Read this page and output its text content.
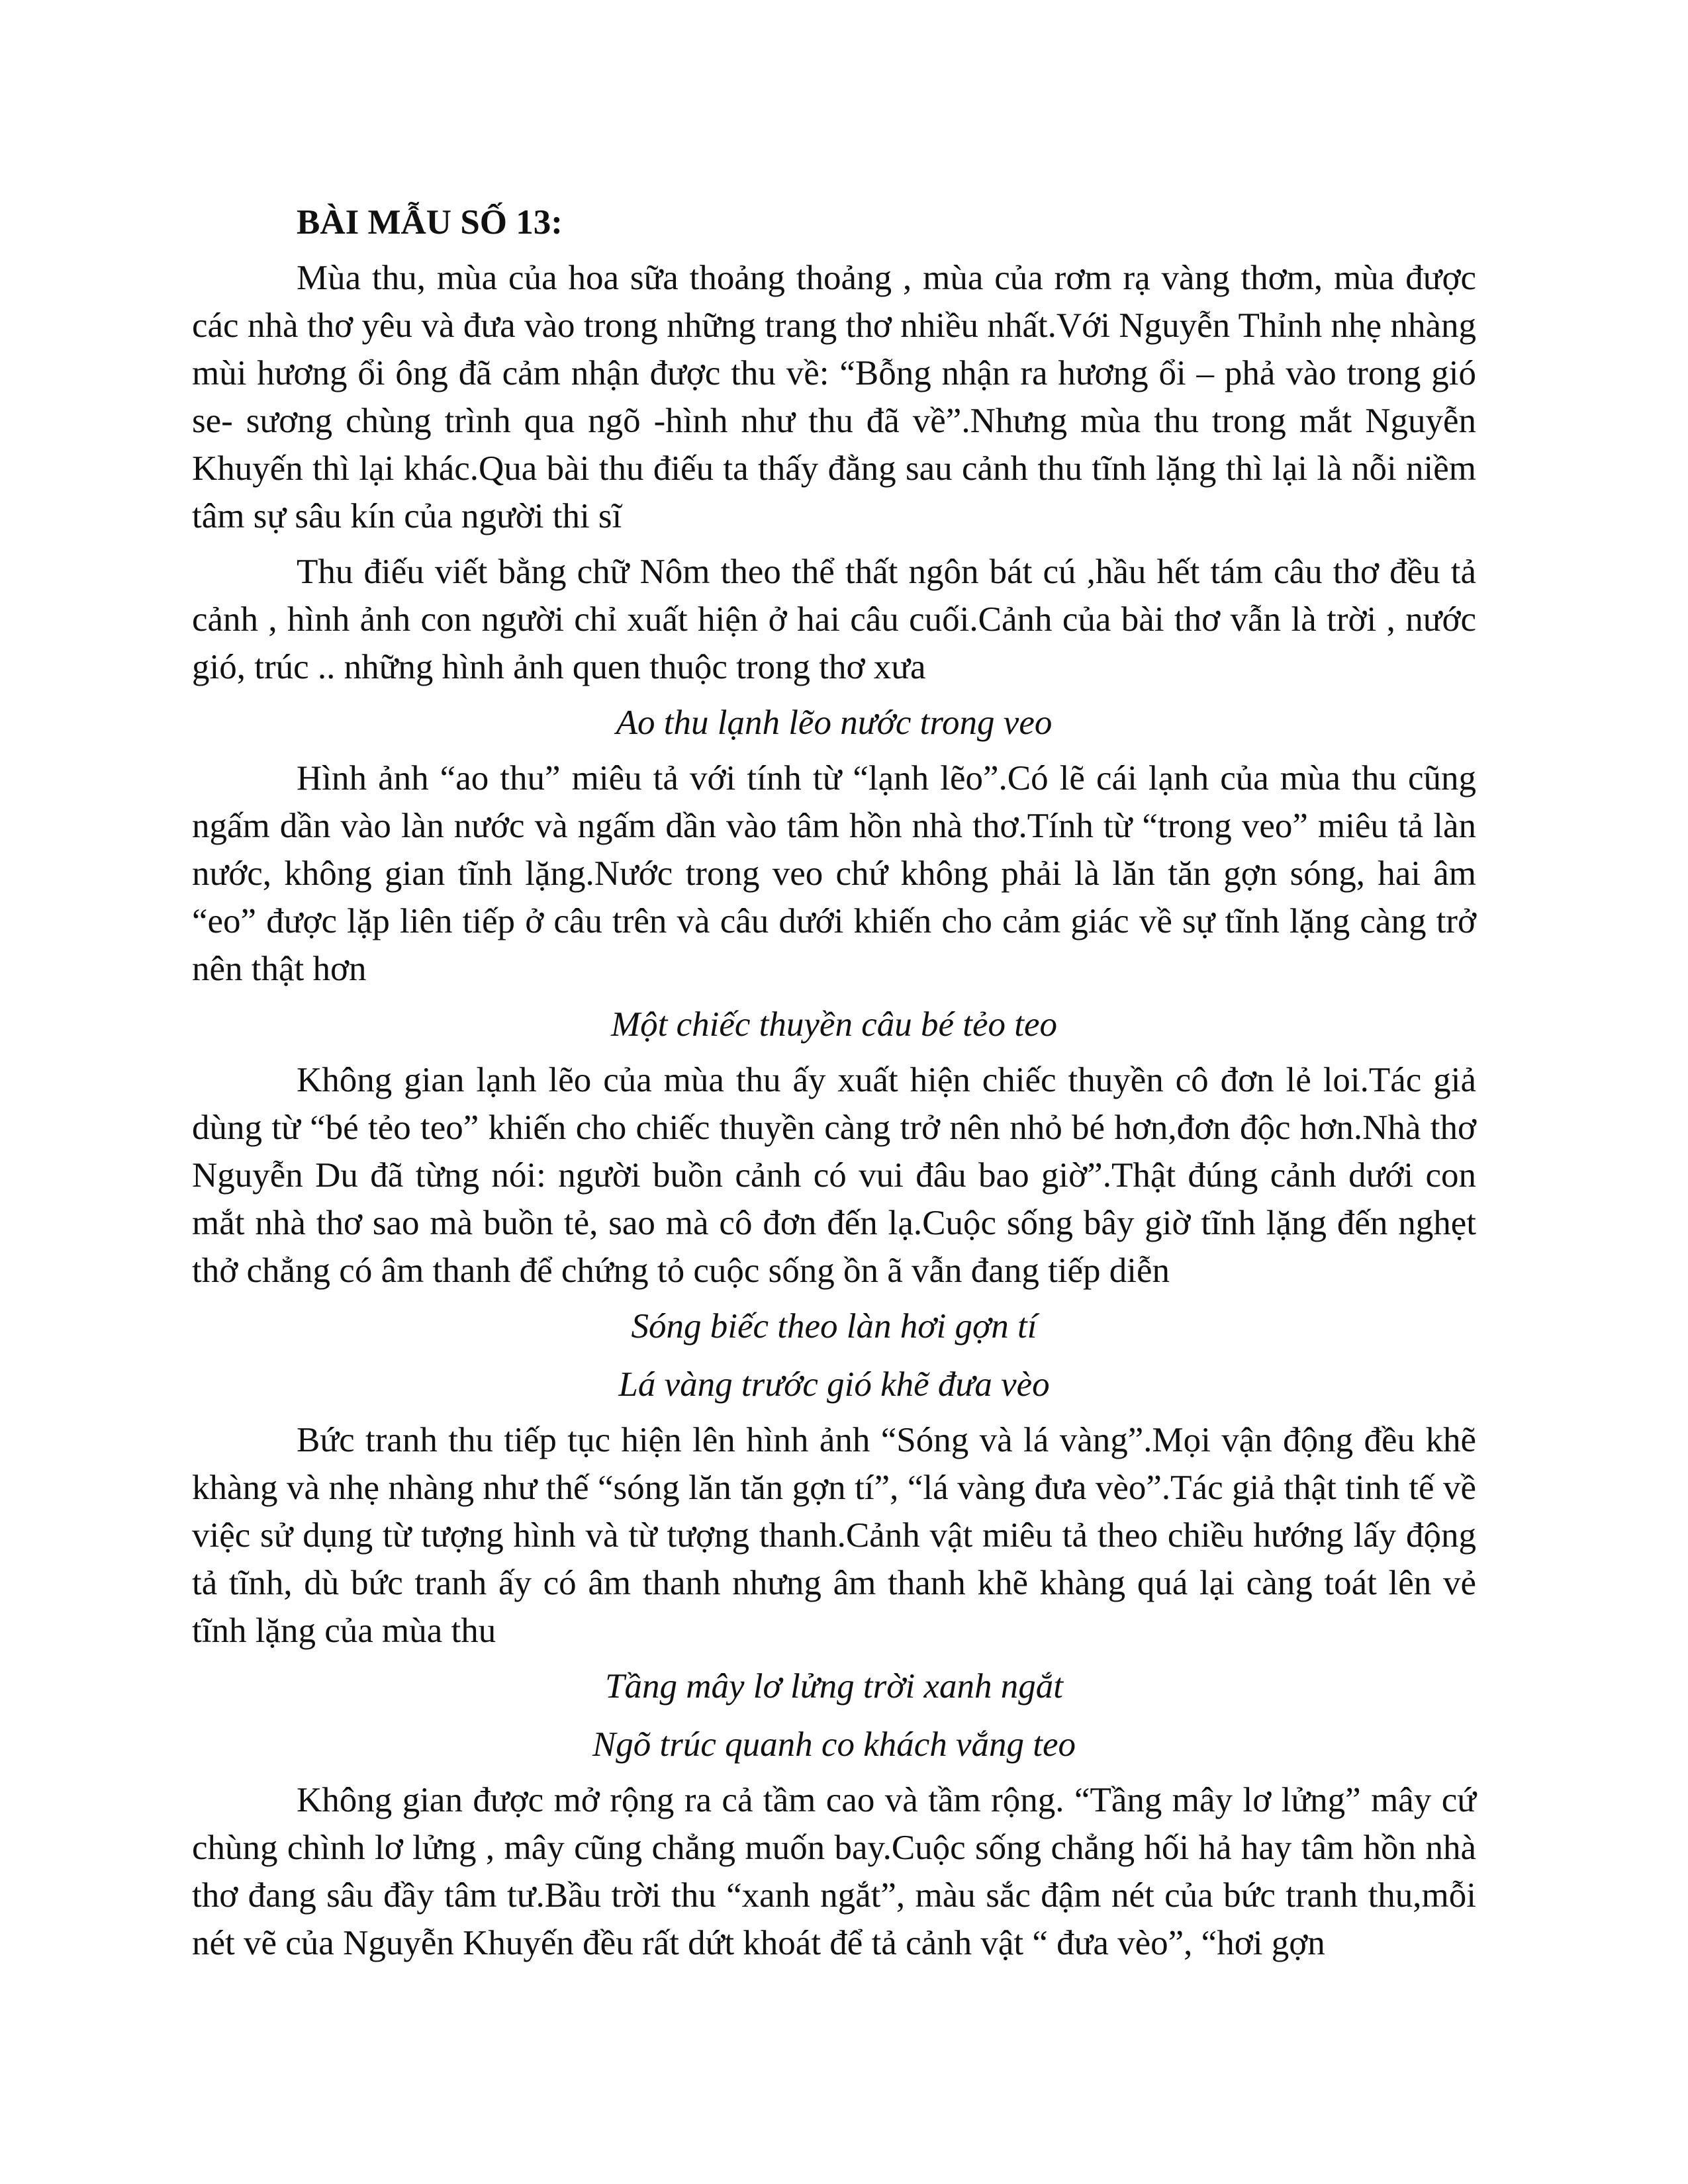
BÀI MẪU SỐ 13:

Mùa thu, mùa của hoa sữa thoảng thoảng , mùa của rơm rạ vàng thơm, mùa được các nhà thơ yêu và đưa vào trong những trang thơ nhiều nhất.Với Nguyễn Thỉnh nhẹ nhàng mùi hương ổi ông đã cảm nhận được thu về: “Bỗng nhận ra hương ổi – phả vào trong gió se- sương chùng trình qua ngõ -hình như thu đã về”.Nhưng mùa thu trong mắt Nguyễn Khuyến thì lại khác.Qua bài thu điếu ta thấy đằng sau cảnh thu tĩnh lặng thì lại là nỗi niềm tâm sự sâu kín của người thi sĩ

Thu điếu viết bằng chữ Nôm theo thể thất ngôn bát cú ,hầu hết tám câu thơ đều tả cảnh , hình ảnh con người chỉ xuất hiện ở hai câu cuối.Cảnh của bài thơ vẫn là trời , nước gió, trúc .. những hình ảnh quen thuộc trong thơ xưa

Ao thu lạnh lẽo nước trong veo

Hình ảnh “ao thu” miêu tả với tính từ “lạnh lẽo”.Có lẽ cái lạnh của mùa thu cũng ngấm dần vào làn nước và ngấm dần vào tâm hồn nhà thơ.Tính từ “trong veo” miêu tả làn nước, không gian tĩnh lặng.Nước trong veo chứ không phải là lăn tăn gợn sóng, hai âm “eo” được lặp liên tiếp ở câu trên và câu dưới khiến cho cảm giác về sự tĩnh lặng càng trở nên thật hơn

Một chiếc thuyền câu bé tẻo teo

Không gian lạnh lẽo của mùa thu ấy xuất hiện chiếc thuyền cô đơn lẻ loi.Tác giả dùng từ “bé tẻo teo” khiến cho chiếc thuyền càng trở nên nhỏ bé hơn,đơn độc hơn.Nhà thơ Nguyễn Du đã từng nói: người buồn cảnh có vui đâu bao giờ”.Thật đúng cảnh dưới con mắt nhà thơ sao mà buồn tẻ, sao mà cô đơn đến lạ.Cuộc sống bây giờ tĩnh lặng đến nghẹt thở chẳng có âm thanh để chứng tỏ cuộc sống ồn ã vẫn đang tiếp diễn

Sóng biếc theo làn hơi gợn tí

Lá vàng trước gió khẽ đưa vèo

Bức tranh thu tiếp tục hiện lên hình ảnh “Sóng và lá vàng”.Mọi vận động đều khẽ khàng và nhẹ nhàng như thế “sóng lăn tăn gợn tí”, “lá vàng đưa vèo”.Tác giả thật tinh tế về việc sử dụng từ tượng hình và từ tượng thanh.Cảnh vật miêu tả theo chiều hướng lấy động tả tĩnh, dù bức tranh ấy có âm thanh nhưng âm thanh khẽ khàng quá lại càng toát lên vẻ tĩnh lặng của mùa thu

Tầng mây lơ lửng trời xanh ngắt

Ngõ trúc quanh co khách vắng teo

Không gian được mở rộng ra cả tầm cao và tầm rộng. “Tầng mây lơ lửng” mây cứ chùng chình lơ lửng , mây cũng chẳng muốn bay.Cuộc sống chẳng hối hả hay tâm hồn nhà thơ đang sâu đầy tâm tư.Bầu trời thu “xanh ngắt”, màu sắc đậm nét của bức tranh thu,mỗi nét vẽ của Nguyễn Khuyến đều rất dứt khoát để tả cảnh vật “ đưa vèo”, “hơi gợn
